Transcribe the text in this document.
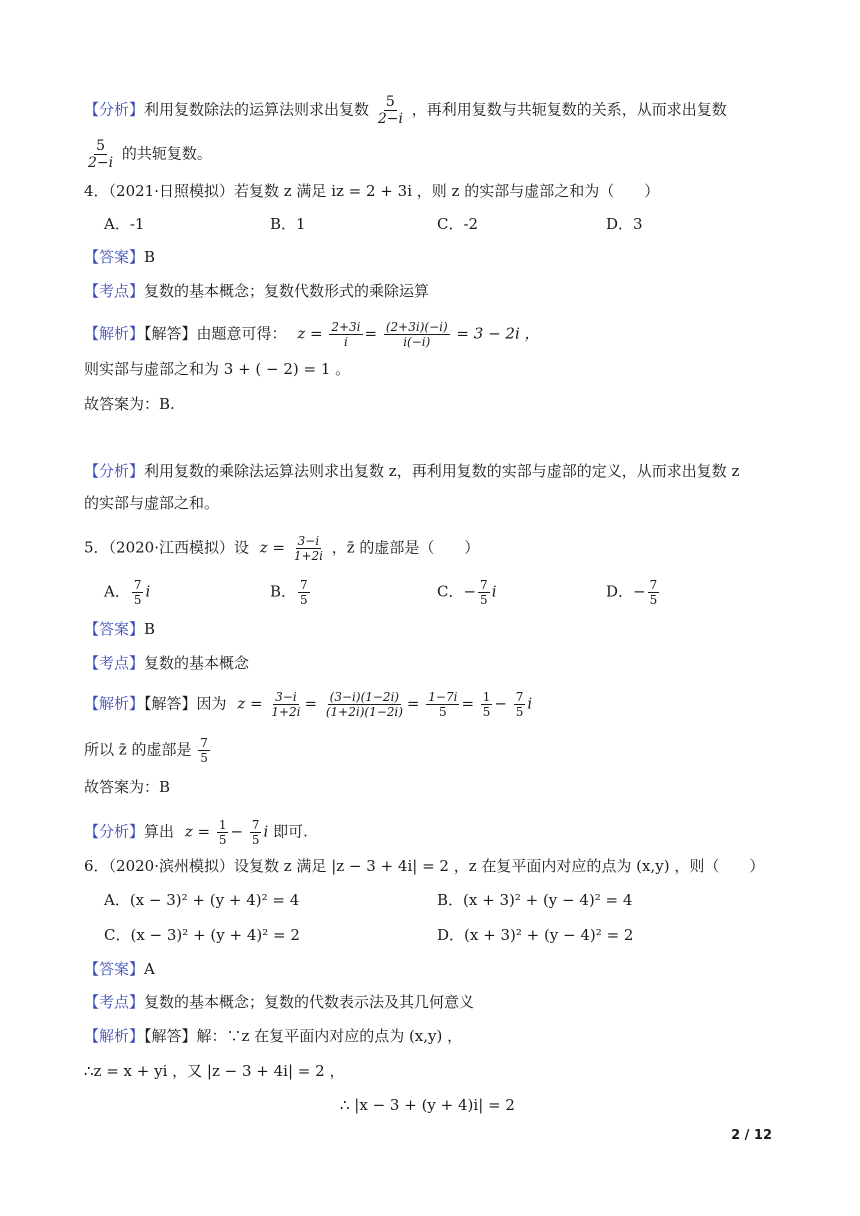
【分析】利用复数除法的运算法则求出复数 $\frac{5}{2-i}$ ，再利用复数与共轭复数的关系，从而求出复数
$\frac{5}{2-i}$ 的共轭复数。
4．（2021·日照模拟）若复数 z 满足 iz = 2 + 3i ，则 z 的实部与虚部之和为（　　）
A．-1	B．1	C．-2	D．3
【答案】B
【考点】复数的基本概念；复数代数形式的乘除运算
【解析】【解答】由题意可得： $z = \frac{2+3i}{i} = \frac{(2+3i)(-i)}{i(-i)} = 3 - 2i$ ，
则实部与虚部之和为 3 + ( − 2) = 1 。
故答案为：B.
【分析】利用复数的乘除法运算法则求出复数 z，再利用复数的实部与虚部的定义，从而求出复数 z
的实部与虚部之和。
5．（2020·江西模拟）设 $z = \frac{3-i}{1+2i}$ ，z̄ 的虚部是（　　）
A． $\frac{7}{5}$ i	B． $\frac{7}{5}$	C．− $\frac{7}{5}$ i	D．− $\frac{7}{5}$
【答案】B
【考点】复数的基本概念
【解析】【解答】因为 $z = \frac{3-i}{1+2i} = \frac{(3-i)(1-2i)}{(1+2i)(1-2i)} = \frac{1-7i}{5} = \frac{1}{5} - \frac{7}{5}$ i
所以 z̄ 的虚部是 $\frac{7}{5}$
故答案为：B
【分析】算出 $z = \frac{1}{5} - \frac{7}{5}$ i 即可.
6．（2020·滨州模拟）设复数 z 满足 |z − 3 + 4i| = 2 ，z 在复平面内对应的点为 (x,y) ，则（　　）
A．(x − 3)² + (y + 4)² = 4	B．(x + 3)² + (y − 4)² = 4
C．(x − 3)² + (y + 4)² = 2	D．(x + 3)² + (y − 4)² = 2
【答案】A
【考点】复数的基本概念；复数的代数表示法及其几何意义
【解析】【解答】解：∵z 在复平面内对应的点为 (x,y) ，
∴z = x + yi ，又 |z − 3 + 4i| = 2 ，
∴ |x − 3 + (y + 4)i| = 2
2 / 12
